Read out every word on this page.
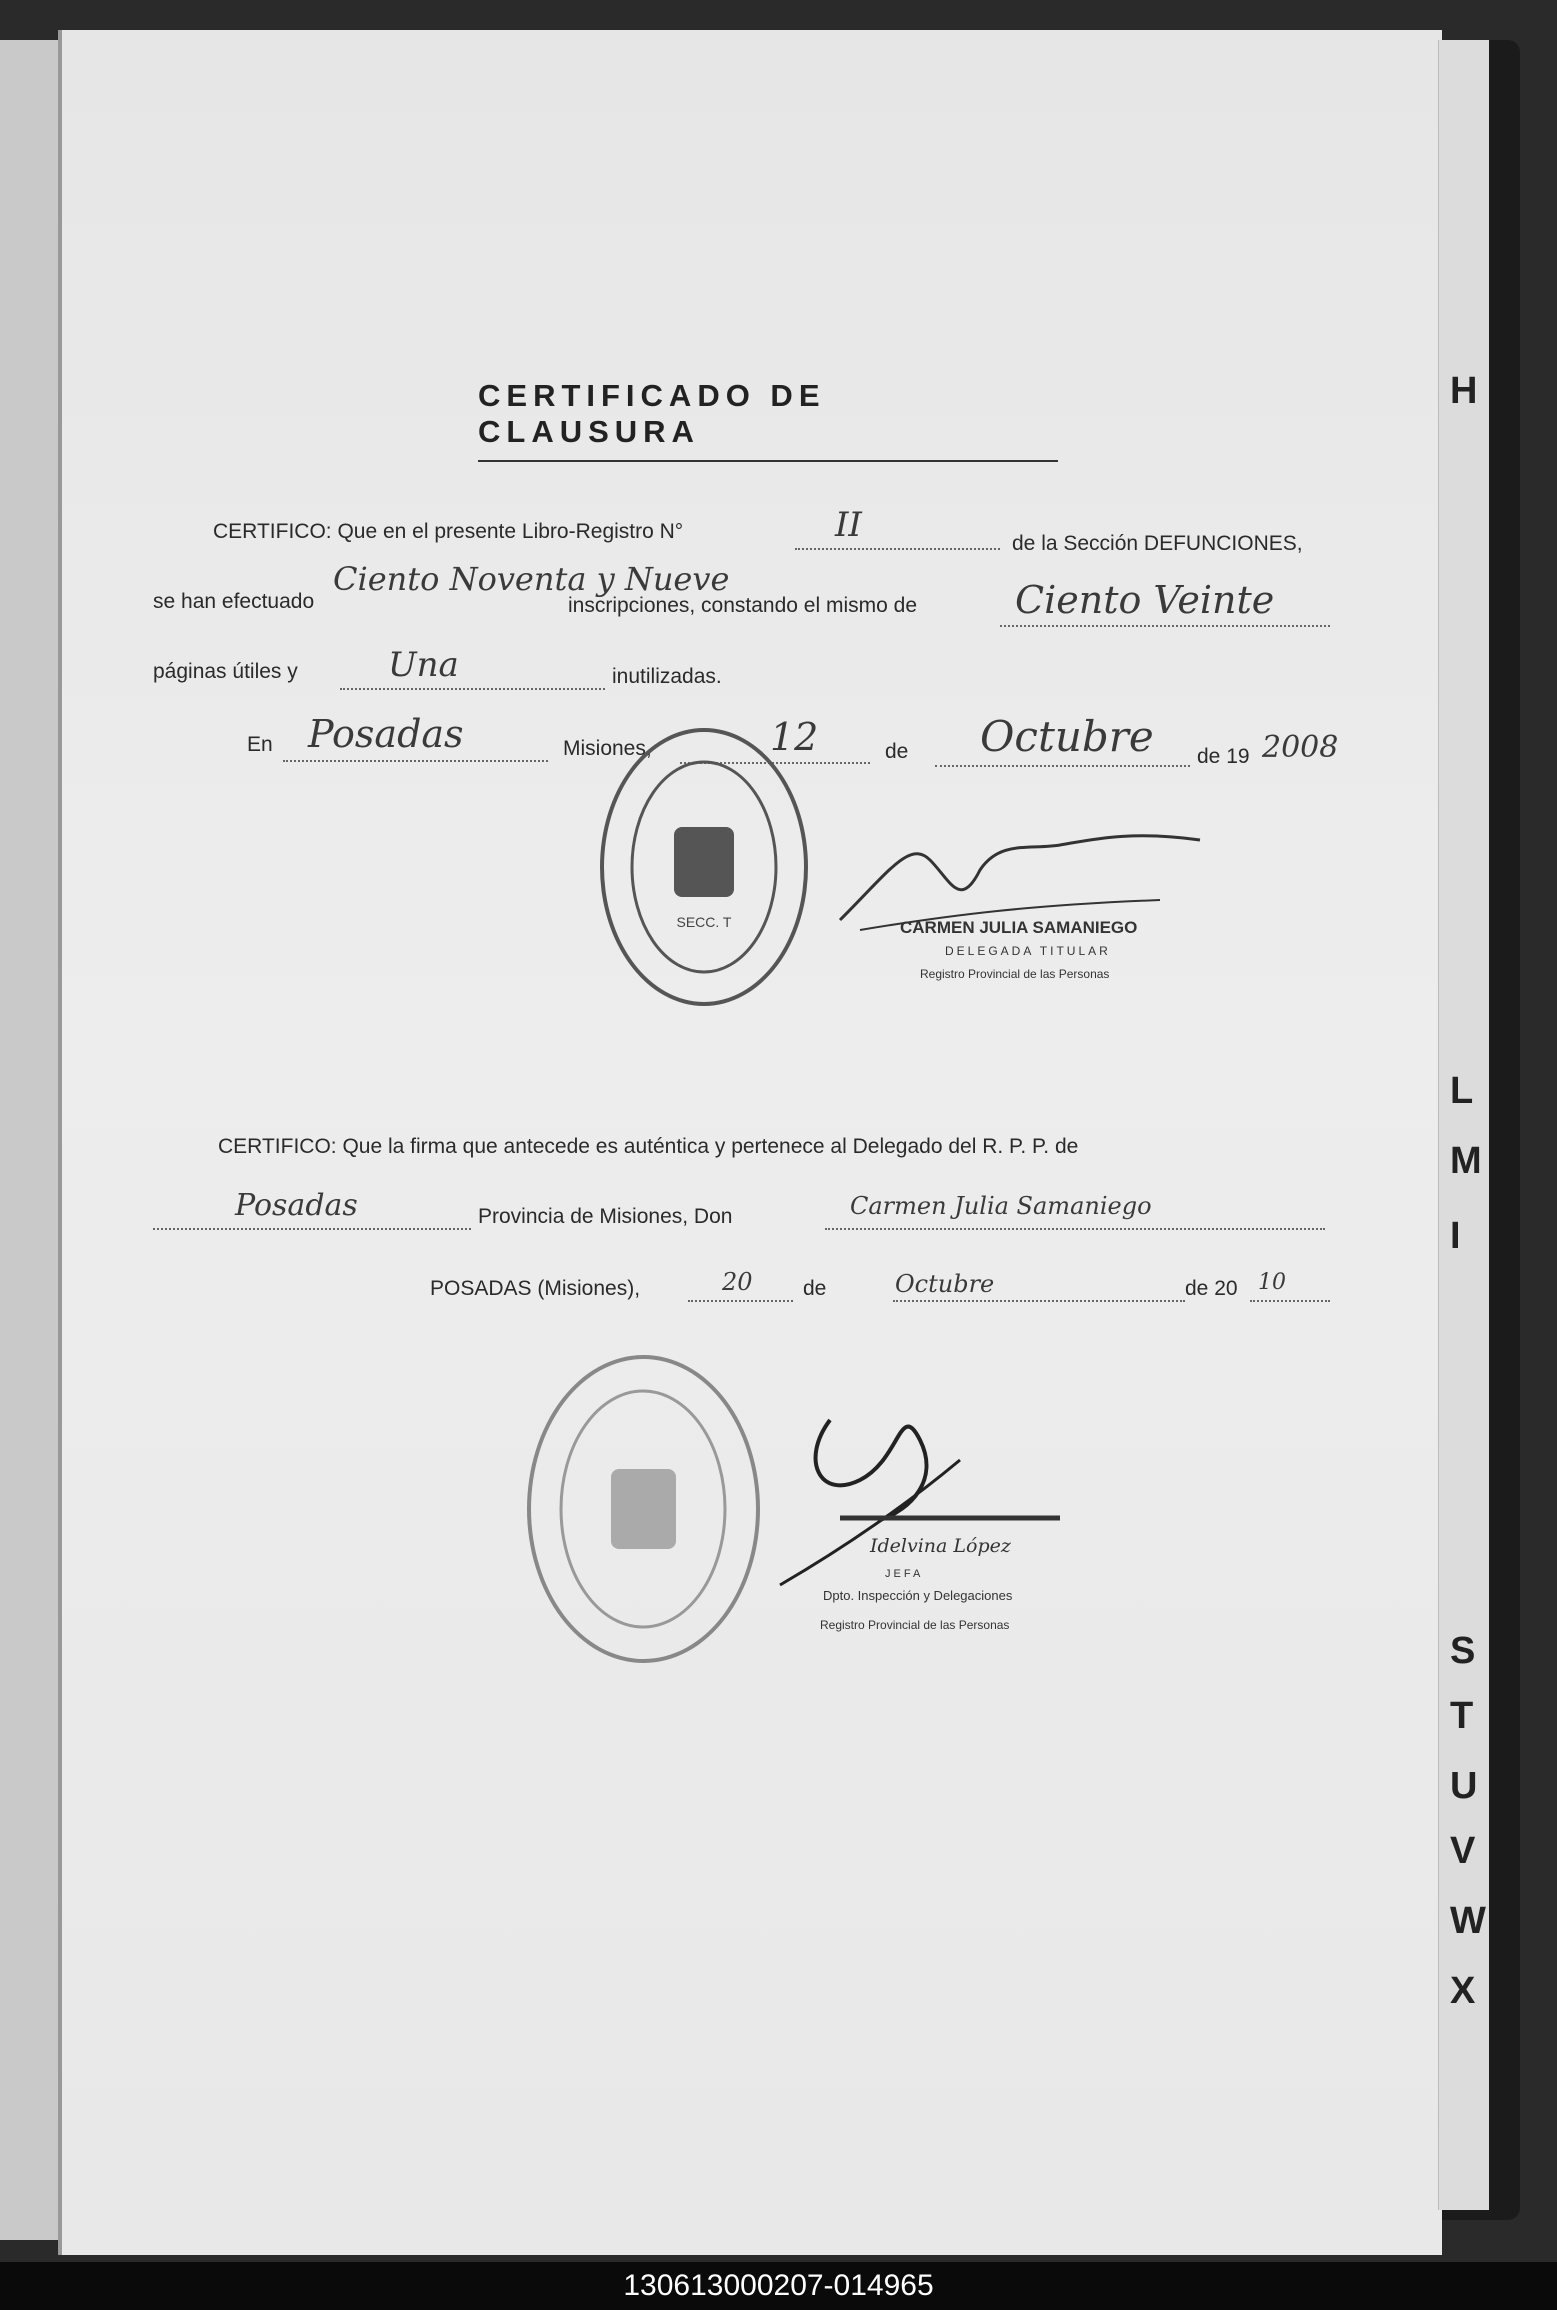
H
L
M
I
S
T
U
V
W
X
CERTIFICADO DE CLAUSURA
CERTIFICO: Que en el presente Libro-Registro N°	II	de la Sección DEFUNCIONES,
se han efectuado
Ciento Noventa y Nueve
inscripciones, constando el mismo de	Ciento Veinte
páginas útiles y	Una	inutilizadas.
En Posadas	Misiones,	12	de Octubre de 19 2008
SECC. T	CARMEN JULIA SAMANIEGO
DELEGADA TITULAR
Registro Provincial de las Personas
CERTIFICO: Que la firma que antecede es auténtica y pertenece al Delegado del R. P. P. de
Posadas	Provincia de Misiones, Don	Carmen Julia Samaniego
POSADAS (Misiones),	20 de	Octubre	de 20 10
Idelvina López
JEFA
Dpto. Inspección y Delegaciones
Registro Provincial de las Personas
130613000207-014965
